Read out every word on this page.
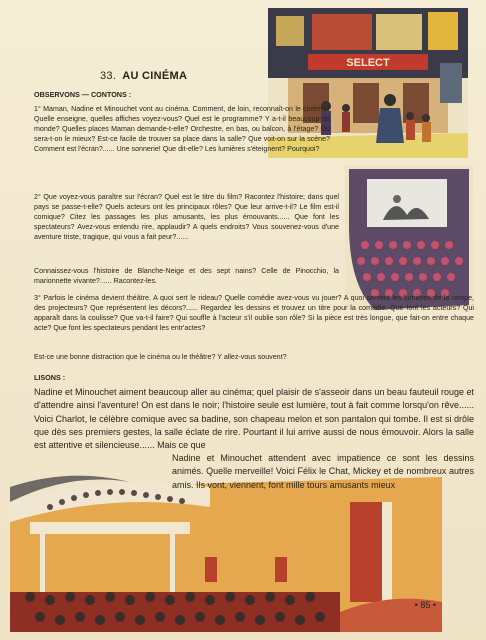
SELECT
33. AU CINÉMA
OBSERVONS — CONTONS :

1° Maman, Nadine et Minouchet vont au cinéma. Comment, de loin, reconnaît-on le cinéma? Quelle enseigne, quelles affiches voyez-vous? Quel est le programme? Y a-t-il beaucoup de monde? Quelles places Maman demande-t-elle? Orchestre, en bas, ou balcon, à l'étage? Où sera-t-on le mieux? Est-ce facile de trouver sa place dans la salle? Que voit-on sur la scène? Comment est l'écran?...... Une sonnerie! Que dit-elle? Les lumières s'éteignent? Pourquoi?

2° Que voyez-vous paraître sur l'écran? Quel est le titre du film? Racontez l'histoire; dans quel pays se passe-t-elle? Quels acteurs ont les principaux rôles? Que leur arrive-t-il? Le film est-il comique? Citez les passages les plus amusants, les plus émouvants...... Que font les spectateurs? Avez-vous entendu rire, applaudir? A quels endroits? Vous souvenez-vous d'une aventure triste, tragique, qui vous a fait peur?......

Connaissez-vous l'histoire de Blanche-Neige et des sept nains? Celle de Pinocchio, la marionnette vivante?...... Racontez-les.

3° Parfois le cinéma devient théâtre. A quoi sert le rideau? Quelle comédie avez-vous vu jouer? A quoi servent les lumières de la rampe, des projecteurs? Que représentent les décors?...... Regardez les dessins et trouvez un titre pour la comédie. Que font les acteurs? Qui apparaît dans la coulisse? Que va-t-il faire? Qui souffle à l'acteur s'il oublie son rôle? Si la pièce est très longue, que fait-on entre chaque acte? Que font les spectateurs pendant les entr'actes?

Est-ce une bonne distraction que le cinéma ou le théâtre? Y allez-vous souvent?

LISONS :

Nadine et Minouchet aiment beaucoup aller au cinéma; quel plaisir de s'asseoir dans un beau fauteuil rouge et d'attendre ainsi l'aventure! On est dans le noir; l'histoire seule est lumière, tout à fait comme lorsqu'on rêve...... Voici Charlot, le célèbre comique avec sa badine, son chapeau melon et son pantalon qui tombe. Il est si drôle que dès ses premiers gestes, la salle éclate de rire. Pourtant il lui arrive aussi de nous émouvoir. Alors la salle est attentive et silencieuse...... Mais ce que

Nadine et Minouchet attendent avec impatience ce sont les dessins animés. Quelle merveille! Voici Félix le Chat, Mickey et de nombreux autres amis. Ils vont, viennent, font mille tours amusants mieux

• 85 •
